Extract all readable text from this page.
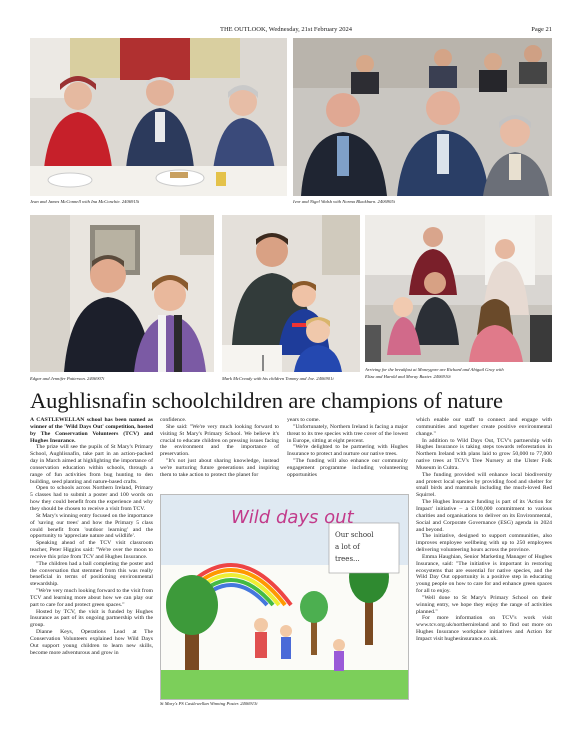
THE OUTLOOK, Wednesday, 21st February 2024	Page 21
Jean and James McConnell with Ina McConchie. 2406915i	Ivor and Nigel Walsh with Norma Blackburn. 2406905i
Edgar and Jennifer Patterson. 2406907i	Mark McCready with his children Tommy and Joe. 2406901i
Arriving for the breakfast at Moneygore are Richard and Abigail Gray with
Eliza and Harold and Moray Baxter. 2406910i
Aughlisnafin schoolchildren are champions of nature

A CASTLEWELLAN school has been named as winner of the 'Wild Days Out' competition, hosted by The Conservation Volunteers (TCV) and Hughes Insurance.

The prize will see the pupils of St Mary's Primary School, Aughlisnafin, take part in an action-packed day in March aimed at highlighting the importance of conservation education within schools, through a range of fun activities from bug hunting to den building, seed planting and nature-based crafts.

Open to schools across Northern Ireland, Primary 5 classes had to submit a poster and 100 words on how they could benefit from the experience and why they should be chosen to receive a visit from TCV.

St Mary's winning entry focused on the importance of 'saving our trees' and how the Primary 5 class could benefit from 'outdoor learning' and the opportunity to 'appreciate nature and wildlife'.

Speaking ahead of the TCV visit classroom teacher, Peter Higgins said: "We're over the moon to receive this prize from TCV and Hughes Insurance.

"The children had a ball completing the poster and the conversation that stemmed from this was really beneficial in terms of positioning environmental stewardship.

"We're very much looking forward to the visit from TCV and learning more about how we can play our part to care for and protect green spaces."

Hosted by TCV, the visit is funded by Hughes Insurance as part of its ongoing partnership with the group.

Dianne Keys, Operations Lead at The Conservation Volunteers explained how Wild Days Out support young children to learn new skills, become more adventurous and grow in

confidence.

She said: "We're very much looking forward to visiting St Mary's Primary School. We believe it's crucial to educate children on pressing issues facing the environment and the importance of preservation.

"It's not just about sharing knowledge, instead we're nurturing future generations and inspiring them to take action to protect the planet for

years to come.

"Unfortunately, Northern Ireland is facing a major threat to its tree species with tree cover of the lowest in Europe, sitting at eight percent.

"We're delighted to be partnering with Hughes Insurance to protect and nurture our native trees.

"The funding will also enhance our community engagement programme including volunteering opportunities

which enable our staff to connect and engage with communities and together create positive environmental change."

In addition to Wild Days Out, TCV's partnership with Hughes Insurance is taking steps towards reforestation in Northern Ireland with plans laid to grow 50,000 to 77,000 native trees at TCV's Tree Nursery at the Ulster Folk Museum in Cultra.

The funding provided will enhance local biodiversity and protect local species by providing food and shelter for small birds and mammals including the much-loved Red Squirrel.

The Hughes Insurance funding is part of its 'Action for Impact' initiative – a £100,000 commitment to various charities and organisations to deliver on its Environmental, Social and Corporate Governance (ESG) agenda in 2024 and beyond.

The initiative, designed to support communities, also improves employee wellbeing with up to 250 employees delivering volunteering hours across the province.

Emma Haughian, Senior Marketing Manager of Hughes Insurance, said: "The initiative is important in restoring ecosystems that are essential for native species, and the Wild Day Out opportunity is a positive step in educating young people on how to care for and enhance green spaces for all to enjoy.

"Well done to St Mary's Primary School on their winning entry, we hope they enjoy the range of activities planned."

For more information on TCV's work visit www.tcv.org.uk/northernireland and to find out more on Hughes Insurance workplace initiatives and Action for Impact visit hughesinsurance.co.uk.

Wild days out
Our school
a lot of
trees...
St Mary's PS Castlewellan Winning Poster. 2406913i
